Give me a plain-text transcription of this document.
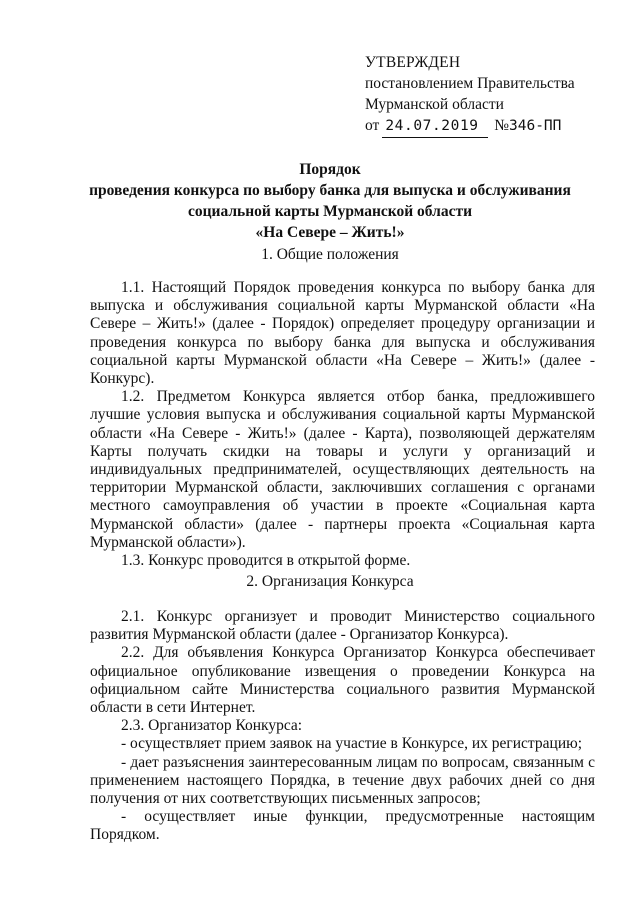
УТВЕРЖДЕН
постановлением Правительства
Мурманской области
от 24.07.2019 №346-ПП
Порядок
проведения конкурса по выбору банка для выпуска и обслуживания
социальной карты Мурманской области
«На Севере – Жить!»
1. Общие положения

1.1. Настоящий Порядок проведения конкурса по выбору банка для выпуска и обслуживания социальной карты Мурманской области «На Севере – Жить!» (далее - Порядок) определяет процедуру организации и проведения конкурса по выбору банка для выпуска и обслуживания социальной карты Мурманской области «На Севере – Жить!» (далее - Конкурс).

1.2. Предметом Конкурса является отбор банка, предложившего лучшие условия выпуска и обслуживания социальной карты Мурманской области «На Севере - Жить!» (далее - Карта), позволяющей держателям Карты получать скидки на товары и услуги у организаций и индивидуальных предпринимателей, осуществляющих деятельность на территории Мурманской области, заключивших соглашения с органами местного самоуправления об участии в проекте «Социальная карта Мурманской области» (далее - партнеры проекта «Социальная карта Мурманской области»).

1.3. Конкурс проводится в открытой форме.

2. Организация Конкурса

2.1. Конкурс организует и проводит Министерство социального развития Мурманской области (далее - Организатор Конкурса).

2.2. Для объявления Конкурса Организатор Конкурса обеспечивает официальное опубликование извещения о проведении Конкурса на официальном сайте Министерства социального развития Мурманской области в сети Интернет.

2.3. Организатор Конкурса:

- осуществляет прием заявок на участие в Конкурсе, их регистрацию;

- дает разъяснения заинтересованным лицам по вопросам, связанным с применением настоящего Порядка, в течение двух рабочих дней со дня получения от них соответствующих письменных запросов;

- осуществляет иные функции, предусмотренные настоящим Порядком.
